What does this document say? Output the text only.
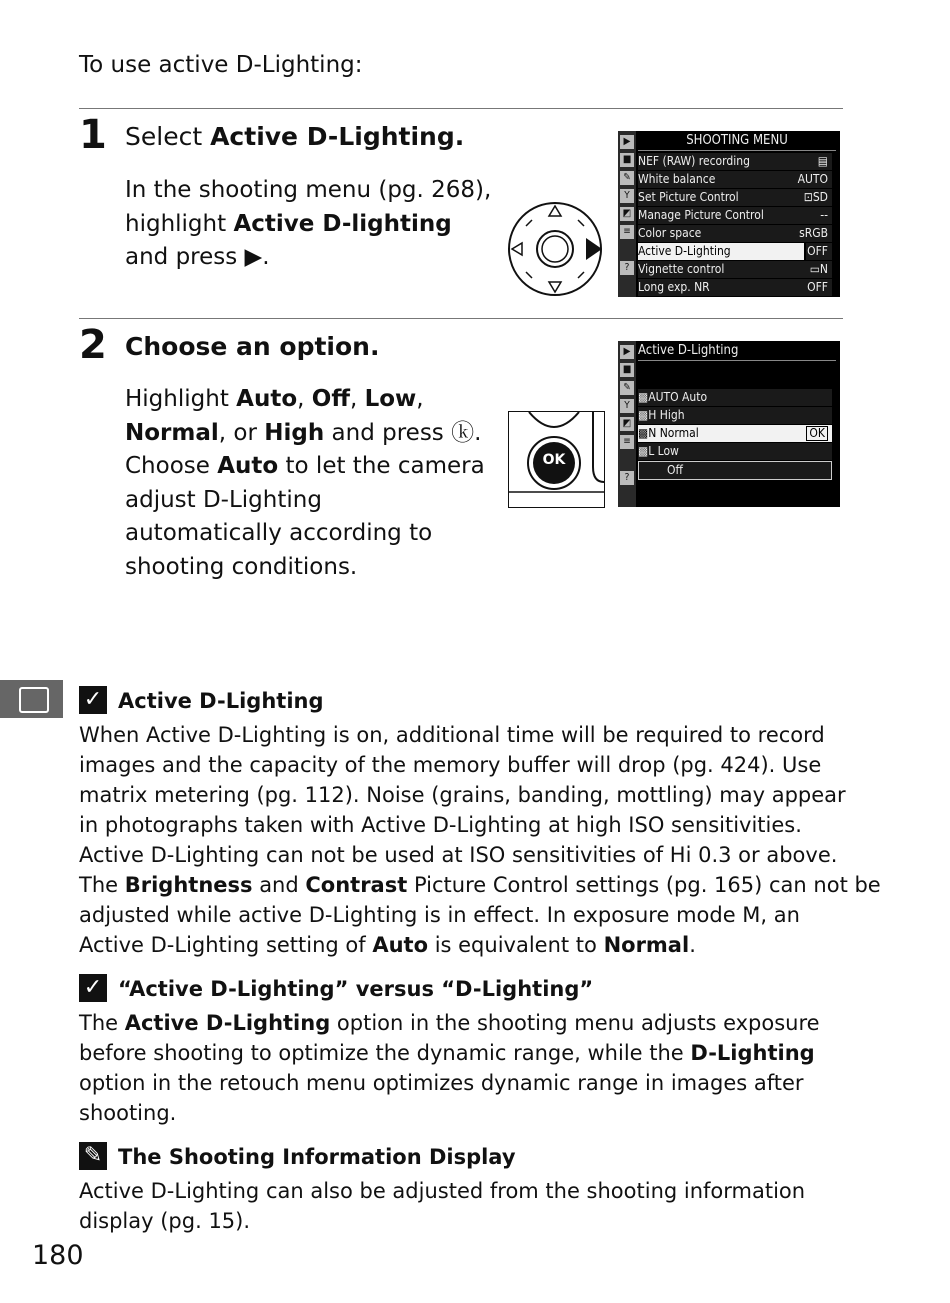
To use active D-Lighting:
1 Select Active D-Lighting.
In the shooting menu (pg. 268),
highlight Active D-lighting
and press ▶.
▶
■
✎
Y
◩
≡
?
SHOOTING MENU
NEF (RAW) recording	▤
White balance	AUTO
Set Picture Control	⊡SD
Manage Picture Control	--
Color space	sRGB
Active D-Lighting	OFF
Vignette control	▭N
Long exp. NR	OFF
2 Choose an option.
Highlight Auto, Off, Low,
Normal, or High and press ⓚ.
Choose Auto to let the camera
adjust D-Lighting
automatically according to
shooting conditions.
OK
▶
■
✎
Y
◩
≡
?
Active D-Lighting
▩AUTO Auto
▩H High
▩N Normal	OK
▩L Low
Off
✓ Active D-Lighting
When Active D-Lighting is on, additional time will be required to record
images and the capacity of the memory buffer will drop (pg. 424). Use
matrix metering (pg. 112). Noise (grains, banding, mottling) may appear
in photographs taken with Active D-Lighting at high ISO sensitivities.
Active D-Lighting can not be used at ISO sensitivities of Hi 0.3 or above.
The Brightness and Contrast Picture Control settings (pg. 165) can not be
adjusted while active D-Lighting is in effect. In exposure mode M, an
Active D-Lighting setting of Auto is equivalent to Normal.
✓ “Active D-Lighting” versus “D-Lighting”
The Active D-Lighting option in the shooting menu adjusts exposure
before shooting to optimize the dynamic range, while the D-Lighting
option in the retouch menu optimizes dynamic range in images after
shooting.
✎ The Shooting Information Display
Active D-Lighting can also be adjusted from the shooting information
display (pg. 15).
180
